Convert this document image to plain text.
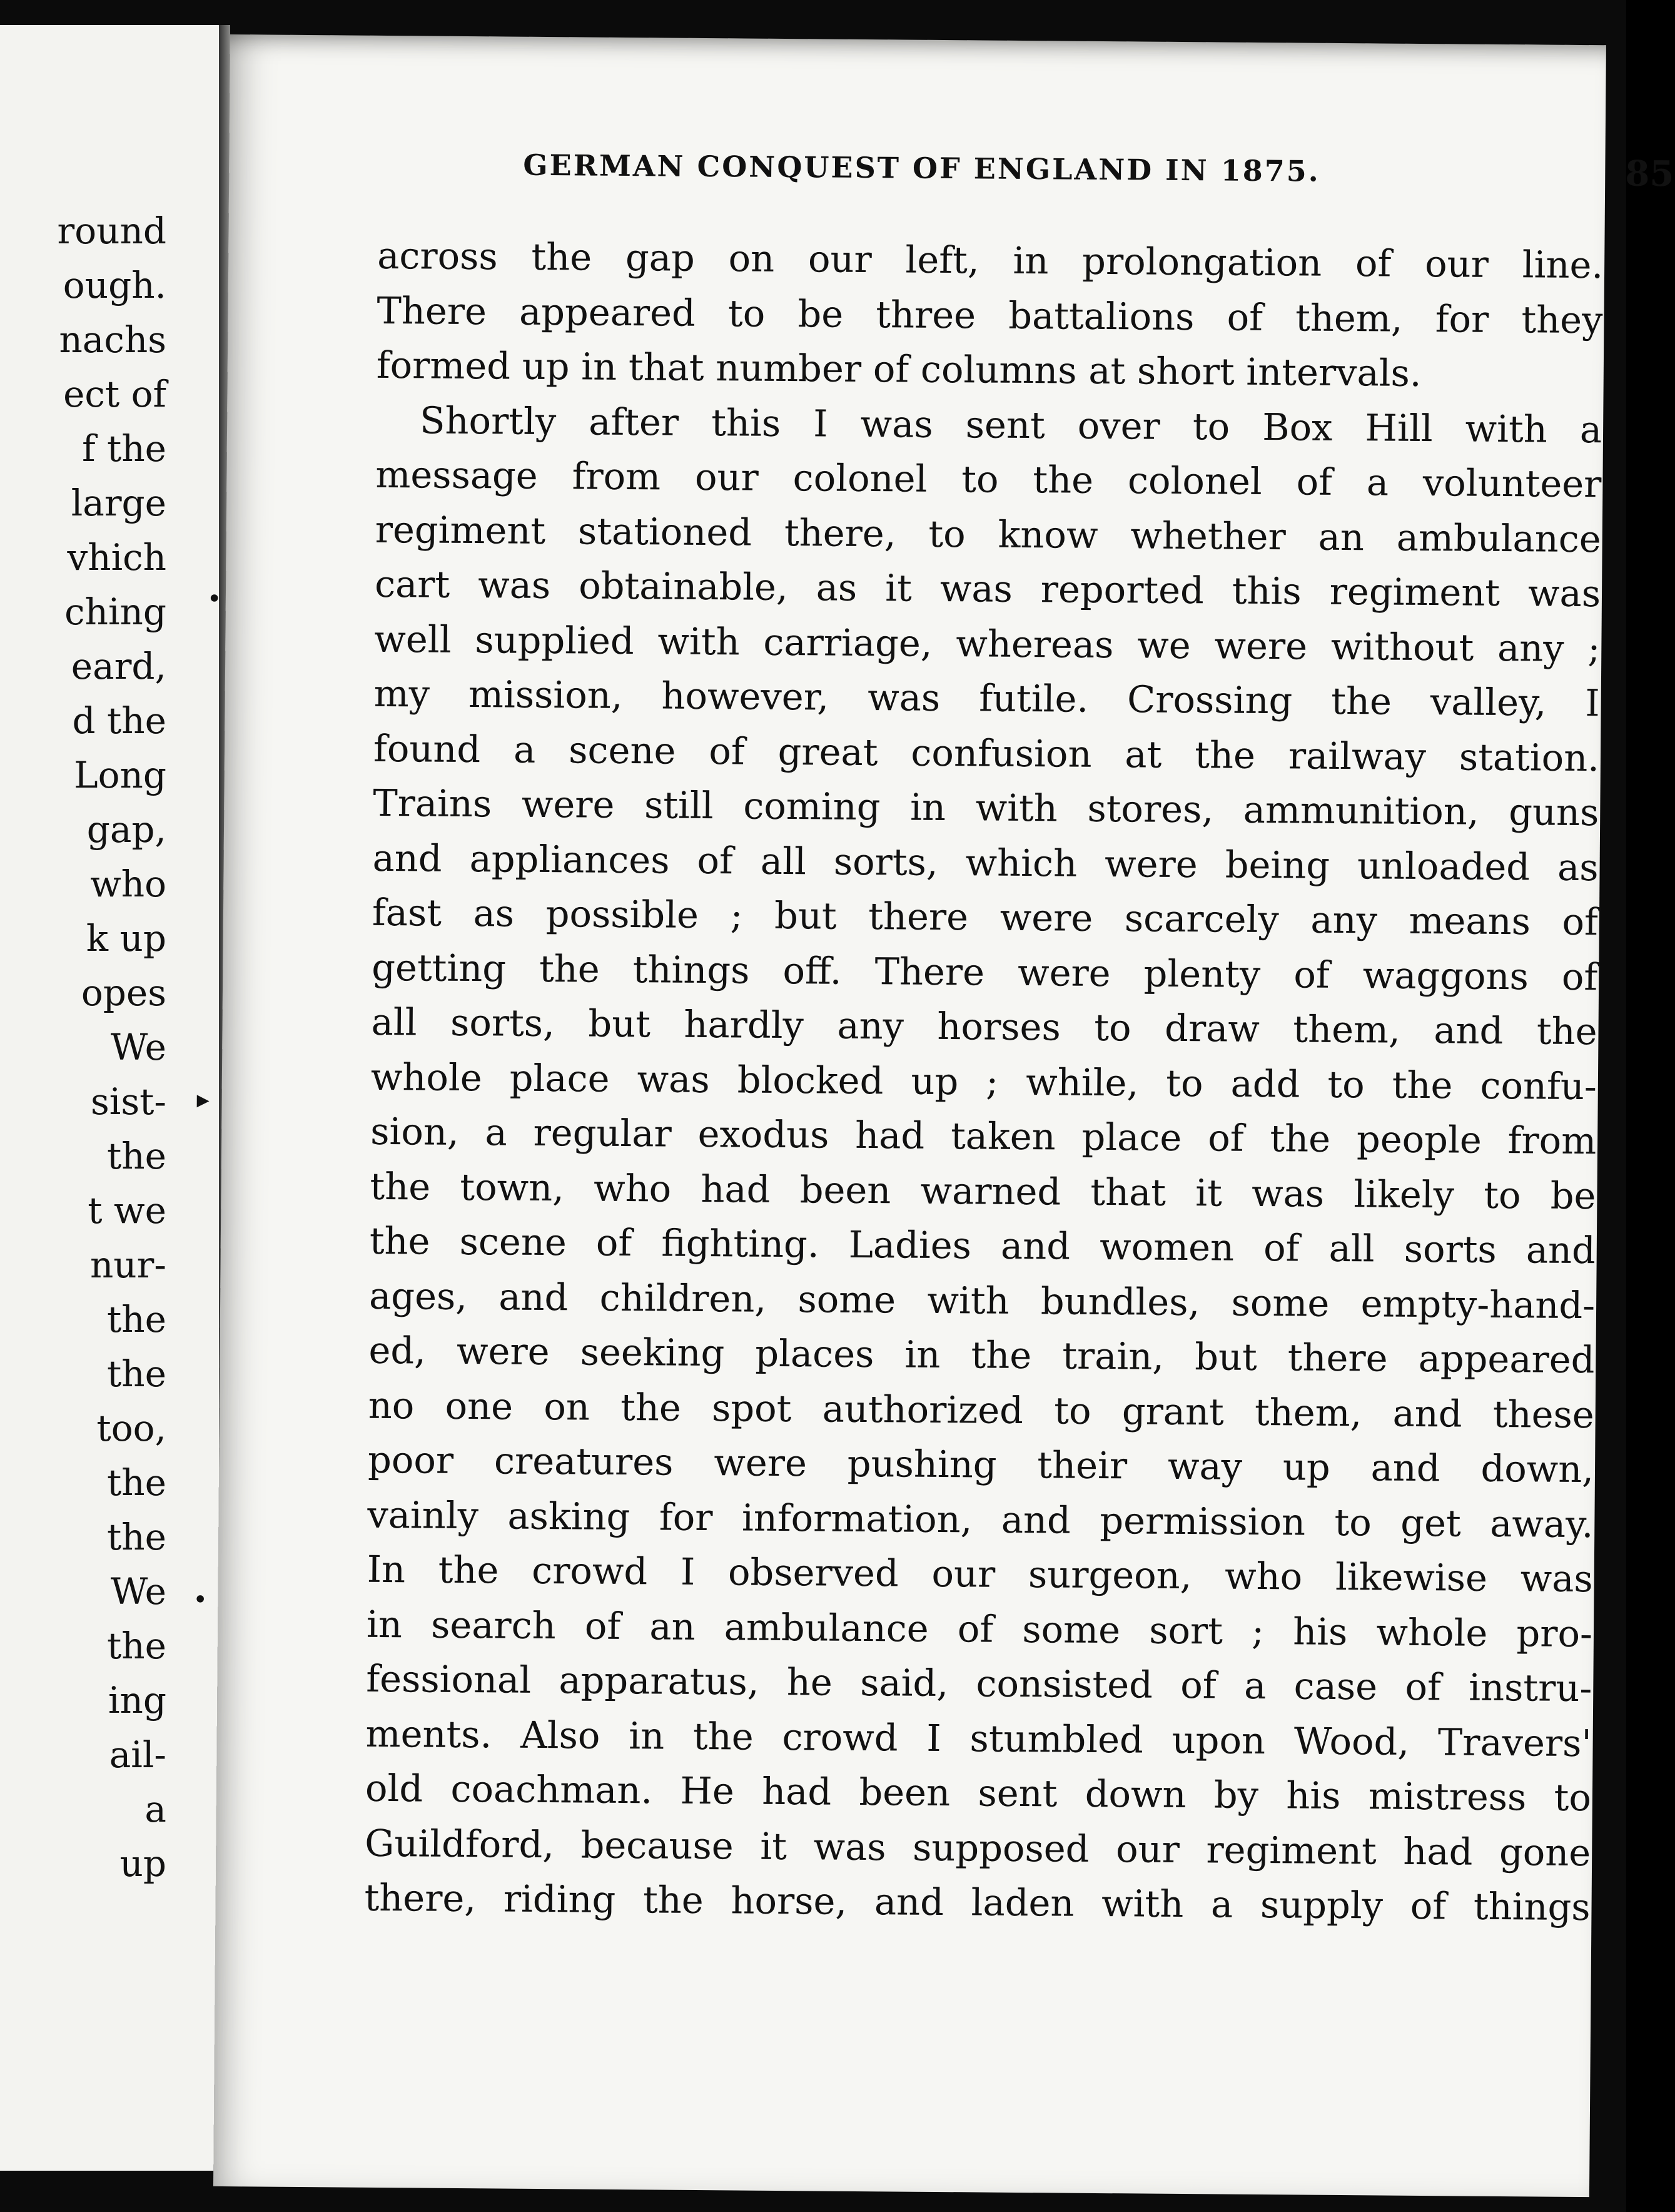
round
ough.
nachs
ect of
f the
large
vhich
ching
eard,
d the
Long
gap,
who
k up
opes
We
sist-
the
t we
nur-
the
the
too,
the
the
We
the
ing
ail-
a
up
GERMAN CONQUEST OF ENGLAND IN 1875.	85
•
▸
•
across the gap on our left, in prolongation of our line.
There appeared to be three battalions of them, for they
formed up in that number of columns at short intervals.
Shortly after this I was sent over to Box Hill with a
message from our colonel to the colonel of a volunteer
regiment stationed there, to know whether an ambulance
cart was obtainable, as it was reported this regiment was
well supplied with carriage, whereas we were without any ;
my mission, however, was futile. Crossing the valley, I
found a scene of great confusion at the railway station.
Trains were still coming in with stores, ammunition, guns
and appliances of all sorts, which were being unloaded as
fast as possible ; but there were scarcely any means of
getting the things off. There were plenty of waggons of
all sorts, but hardly any horses to draw them, and the
whole place was blocked up ; while, to add to the confu-
sion, a regular exodus had taken place of the people from
the town, who had been warned that it was likely to be
the scene of fighting. Ladies and women of all sorts and
ages, and children, some with bundles, some empty-hand-
ed, were seeking places in the train, but there appeared
no one on the spot authorized to grant them, and these
poor creatures were pushing their way up and down,
vainly asking for information, and permission to get away.
In the crowd I observed our surgeon, who likewise was
in search of an ambulance of some sort ; his whole pro-
fessional apparatus, he said, consisted of a case of instru-
ments. Also in the crowd I stumbled upon Wood, Travers'
old coachman. He had been sent down by his mistress to
Guildford, because it was supposed our regiment had gone
there, riding the horse, and laden with a supply of things
